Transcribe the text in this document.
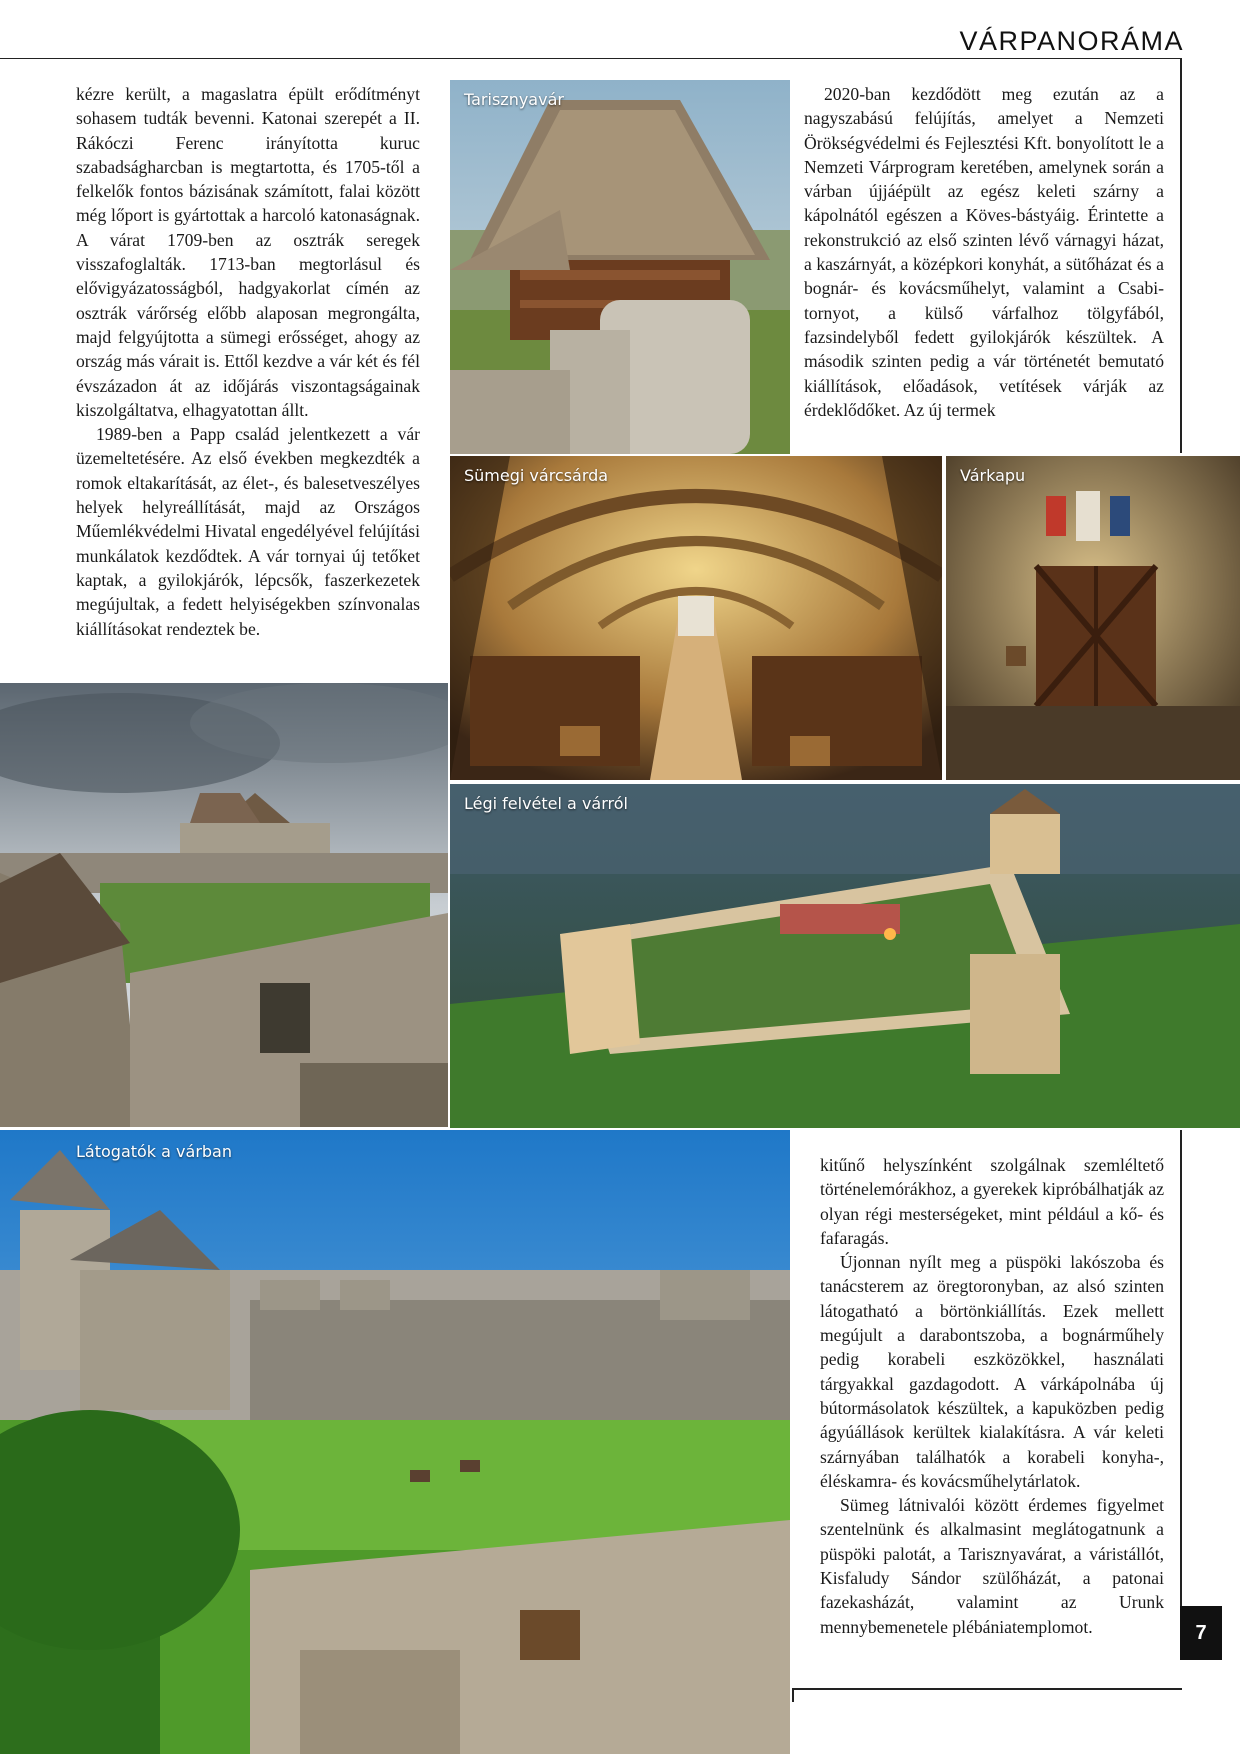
VÁRPANORÁMA

kézre került, a magaslatra épült erődítményt sohasem tudták bevenni. Katonai szerepét a II. Rákóczi Ferenc irányította kuruc szabadságharcban is megtartotta, és 1705-től a felkelők fontos bázisának számított, falai között még lőport is gyártottak a harcoló katonaságnak. A várat 1709-ben az osztrák seregek visszafoglalták. 1713-ban megtorlásul és elővigyázatosságból, hadgyakorlat címén az osztrák várőrség előbb alaposan megrongálta, majd felgyújtotta a sümegi erősséget, ahogy az ország más várait is. Ettől kezdve a vár két és fél évszázadon át az időjárás viszontagságainak kiszolgáltatva, elhagyatottan állt.

1989-ben a Papp család jelentkezett a vár üzemeltetésére. Az első években megkezdték a romok eltakarítását, az élet-, és balesetveszélyes helyek helyreállítását, majd az Országos Műemlékvédelmi Hivatal engedélyével felújítási munkálatok kezdődtek. A vár tornyai új tetőket kaptak, a gyilokjárók, lépcsők, faszerkezetek megújultak, a fedett helyiségekben színvonalas kiállításokat rendeztek be.

2020-ban kezdődött meg ezután az a nagyszabású felújítás, amelyet a Nemzeti Örökségvédelmi és Fejlesztési Kft. bonyolított le a Nemzeti Várprogram keretében, amelynek során a várban újjáépült az egész keleti szárny a kápolnától egészen a Köves-bástyáig. Érintette a rekonstrukció az első szinten lévő várnagyi házat, a kaszárnyát, a középkori konyhát, a sütőházat és a bognár- és kovácsműhelyt, valamint a Csabi-tornyot, a külső várfalhoz tölgyfából, fazsindelyből fedett gyilokjárók készültek. A második szinten pedig a vár történetét bemutató kiállítások, előadások, vetítések várják az érdeklődőket. Az új termek

kitűnő helyszínként szolgálnak szemléltető történelemórákhoz, a gyerekek kipróbálhatják az olyan régi mesterségeket, mint például a kő- és fafaragás.

Újonnan nyílt meg a püspöki lakószoba és tanácsterem az öregtoronyban, az alsó szinten látogatható a börtönkiállítás. Ezek mellett megújult a darabontszoba, a bognárműhely pedig korabeli eszközökkel, használati tárgyakkal gazdagodott. A várkápolnába új bútormásolatok készültek, a kapuközben pedig ágyúállások kerültek kialakításra. A vár keleti szárnyában találhatók a korabeli konyha-, éléskamra- és kovácsműhelytárlatok.

Sümeg látnivalói között érdemes figyelmet szentelnünk és alkalmasint meglátogatnunk a püspöki palotát, a Tarisznyavárat, a váristállót, Kisfaludy Sándor szülőházát, a patonai fazekasházát, valamint az Urunk mennybemenetele plébániatemplomot.

Tarisznyavár
Sümegi várcsárda	Várkapu
Légi felvétel a várról
Látogatók a várban
7
